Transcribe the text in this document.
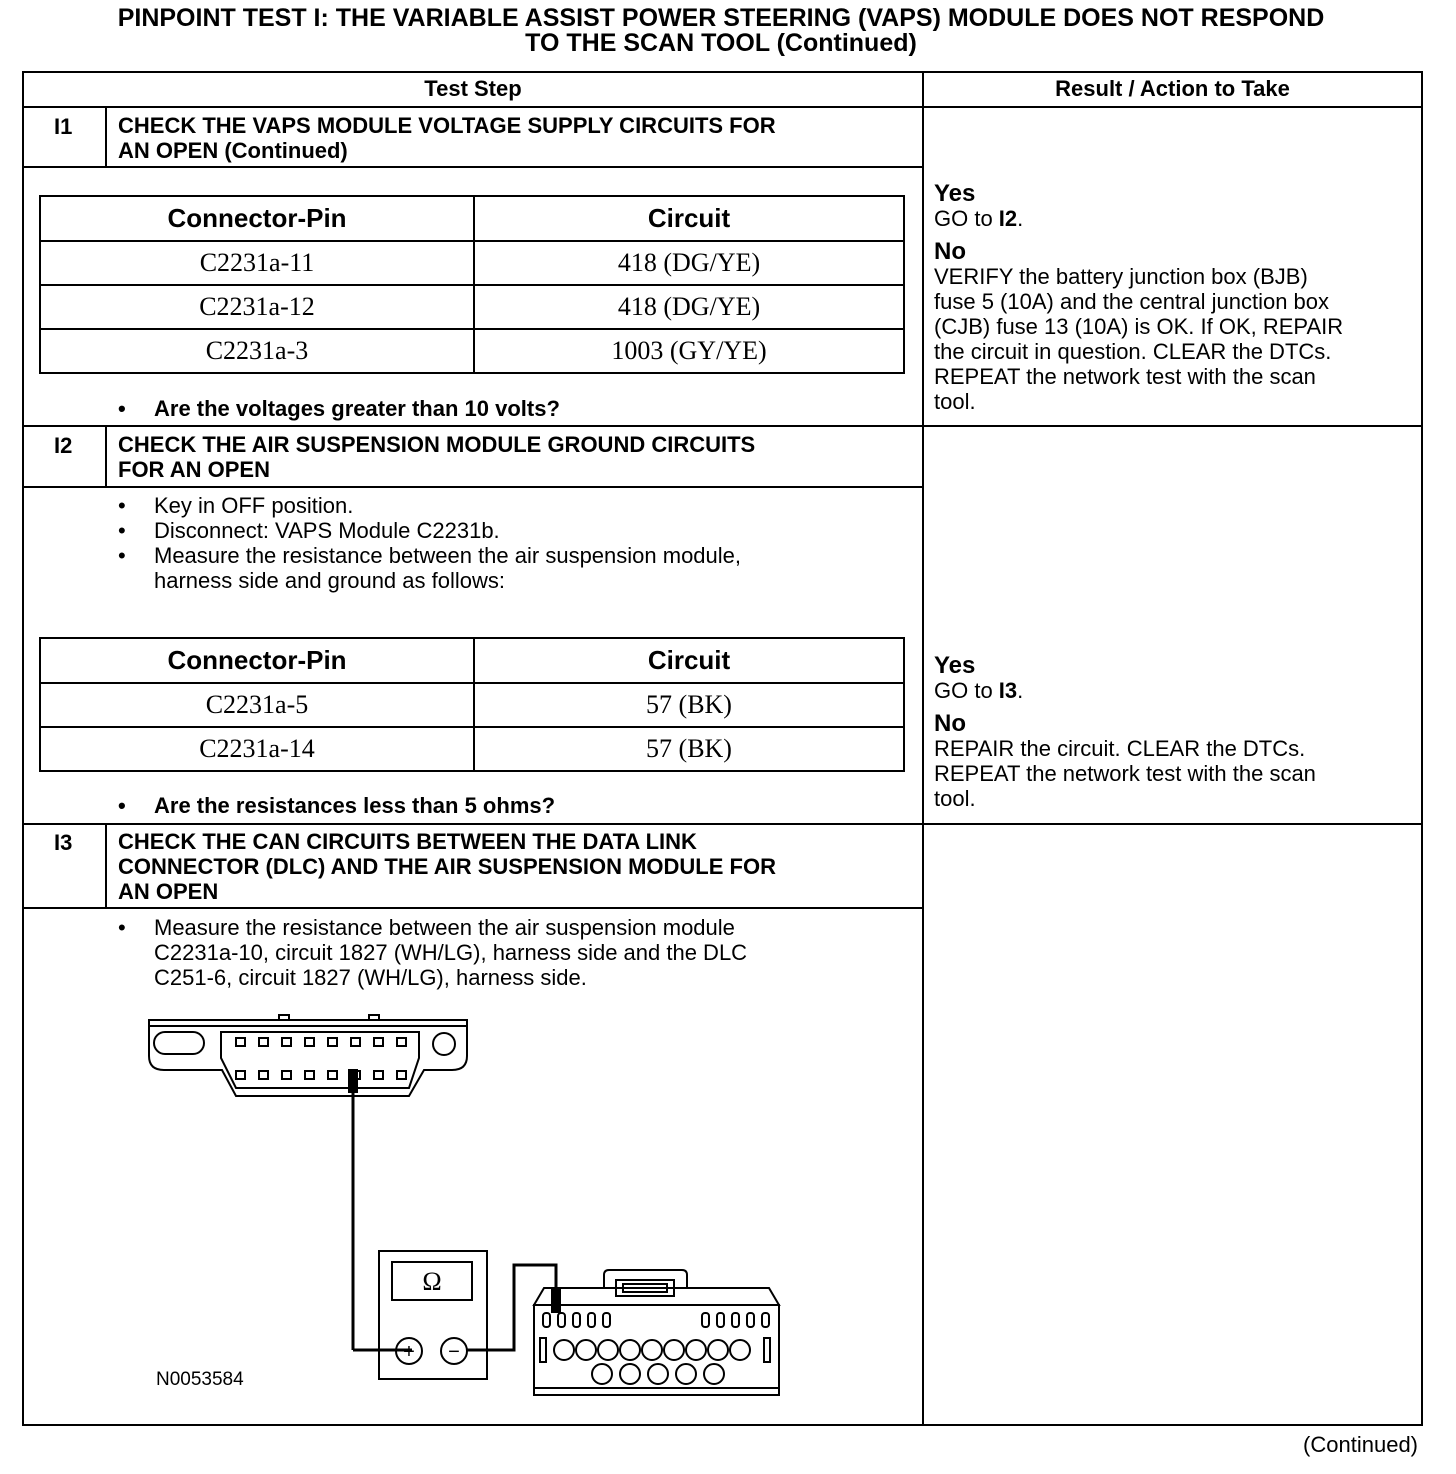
PINPOINT TEST I: THE VARIABLE ASSIST POWER STEERING (VAPS) MODULE DOES NOT RESPOND
TO THE SCAN TOOL (Continued)
Test Step	Result / Action to Take
I1 CHECK THE VAPS MODULE VOLTAGE SUPPLY CIRCUITS FOR
AN OPEN (Continued)
Connector-Pin	Circuit
C2231a-11	418 (DG/YE)
C2231a-12	418 (DG/YE)
C2231a-3	1003 (GY/YE)
• Are the voltages greater than 10 volts?
Yes
GO to I2.
No
VERIFY the battery junction box (BJB)
fuse 5 (10A) and the central junction box
(CJB) fuse 13 (10A) is OK. If OK, REPAIR
the circuit in question. CLEAR the DTCs.
REPEAT the network test with the scan
tool.
I2 CHECK THE AIR SUSPENSION MODULE GROUND CIRCUITS
FOR AN OPEN
• Key in OFF position.
• Disconnect: VAPS Module C2231b.
• Measure the resistance between the air suspension module,
harness side and ground as follows:
Connector-Pin	Circuit
C2231a-5	57 (BK)
C2231a-14	57 (BK)
• Are the resistances less than 5 ohms?
Yes
GO to I3.
No
REPAIR the circuit. CLEAR the DTCs.
REPEAT the network test with the scan
tool.
I3 CHECK THE CAN CIRCUITS BETWEEN THE DATA LINK
CONNECTOR (DLC) AND THE AIR SUSPENSION MODULE FOR
AN OPEN
• Measure the resistance between the air suspension module
C2231a-10, circuit 1827 (WH/LG), harness side and the DLC
C251-6, circuit 1827 (WH/LG), harness side.
Ω
+ −
N0053584
(Continued)
